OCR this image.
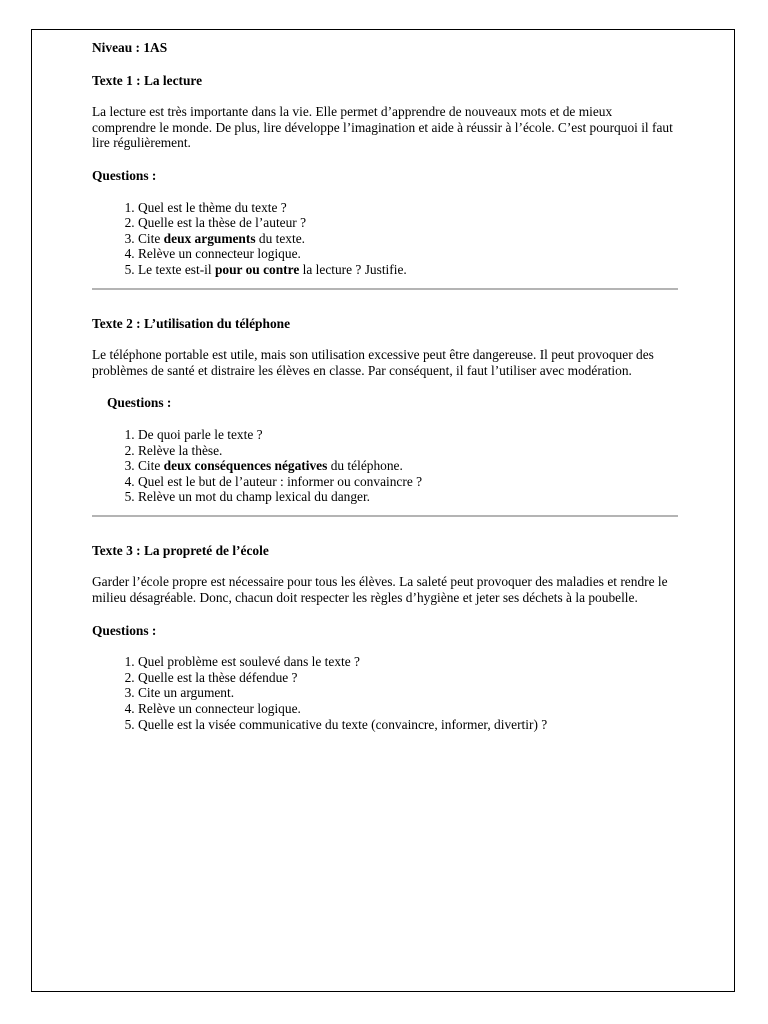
Niveau : 1AS

Texte 1 : La lecture

La lecture est très importante dans la vie. Elle permet d’apprendre de nouveaux mots et de mieux comprendre le monde. De plus, lire développe l’imagination et aide à réussir à l’école. C’est pourquoi il faut lire régulièrement.

Questions :

1. Quel est le thème du texte ?
2. Quelle est la thèse de l’auteur ?
3. Cite deux arguments du texte.
4. Relève un connecteur logique.
5. Le texte est-il pour ou contre la lecture ? Justifie.

Texte 2 : L’utilisation du téléphone

Le téléphone portable est utile, mais son utilisation excessive peut être dangereuse. Il peut provoquer des problèmes de santé et distraire les élèves en classe. Par conséquent, il faut l’utiliser avec modération.

Questions :

1. De quoi parle le texte ?
2. Relève la thèse.
3. Cite deux conséquences négatives du téléphone.
4. Quel est le but de l’auteur : informer ou convaincre ?
5. Relève un mot du champ lexical du danger.

Texte 3 : La propreté de l’école

Garder l’école propre est nécessaire pour tous les élèves. La saleté peut provoquer des maladies et rendre le milieu désagréable. Donc, chacun doit respecter les règles d’hygiène et jeter ses déchets à la poubelle.

Questions :

1. Quel problème est soulevé dans le texte ?
2. Quelle est la thèse défendue ?
3. Cite un argument.
4. Relève un connecteur logique.
5. Quelle est la visée communicative du texte (convaincre, informer, divertir) ?
